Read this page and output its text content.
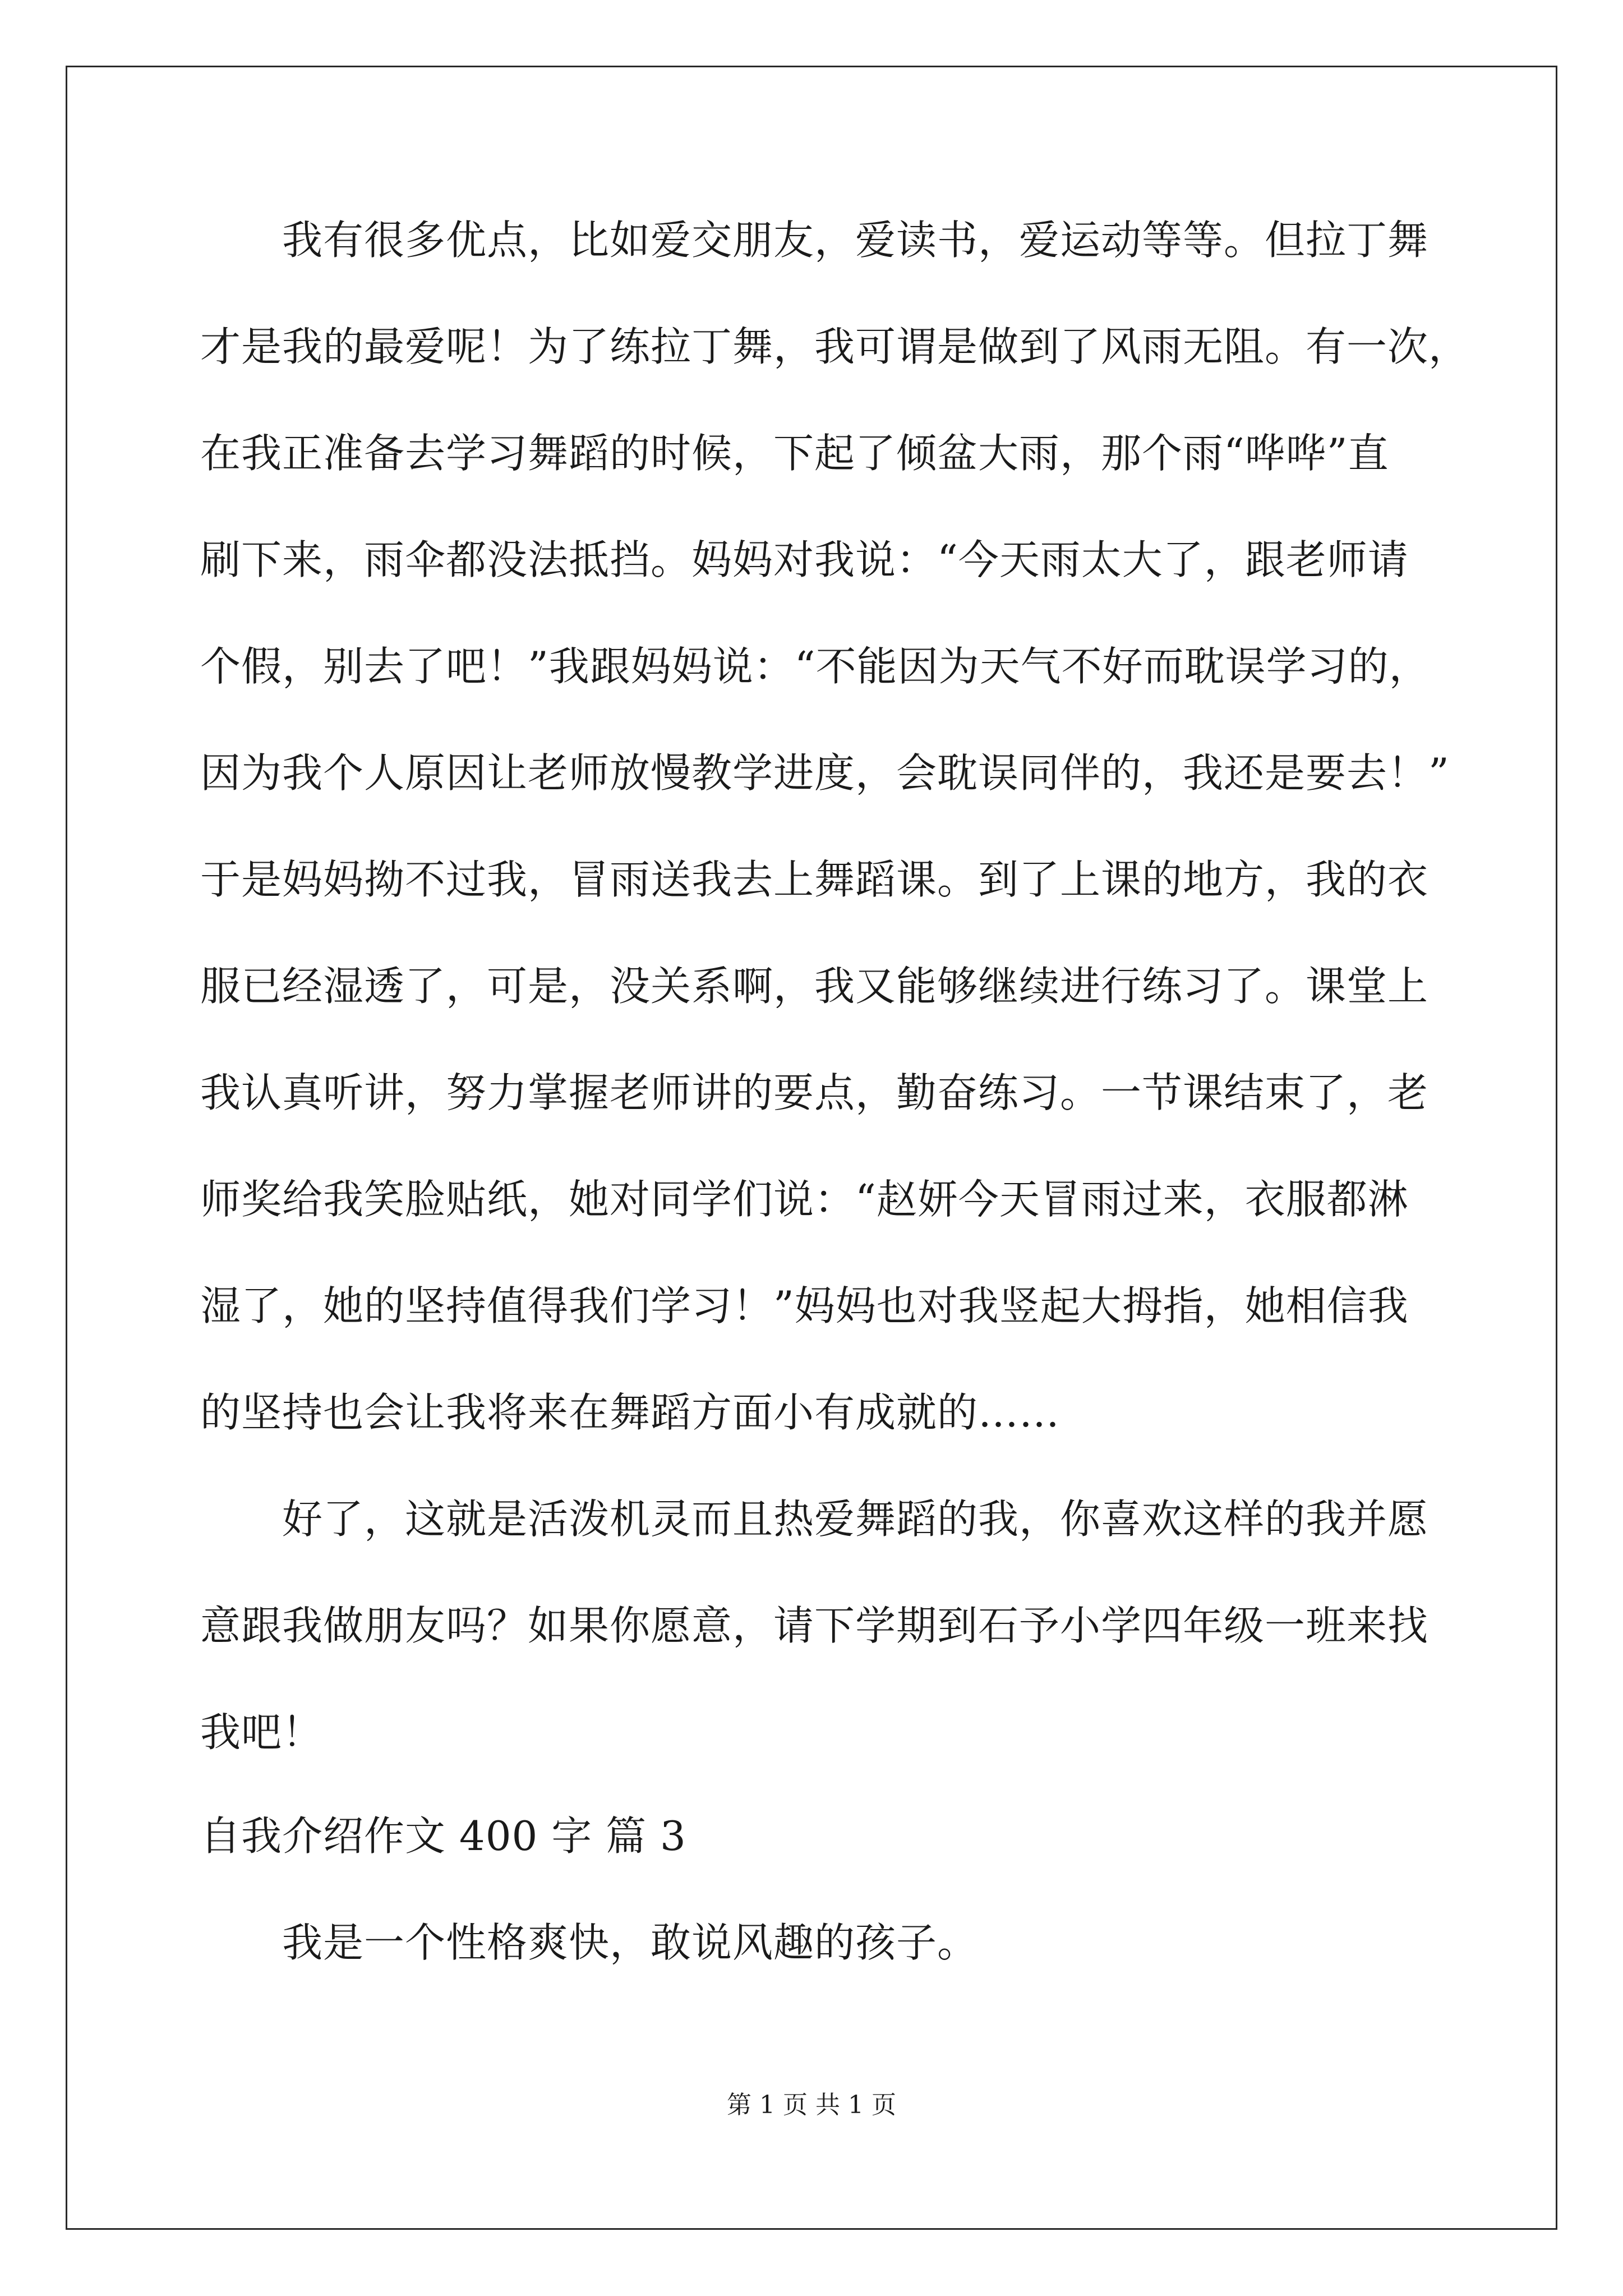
　　我有很多优点，比如爱交朋友，爱读书，爱运动等等。但拉丁舞
才是我的最爱呢！为了练拉丁舞，我可谓是做到了风雨无阻。有一次，
在我正准备去学习舞蹈的时候，下起了倾盆大雨，那个雨“哗哗”直
刷下来，雨伞都没法抵挡。妈妈对我说：“今天雨太大了，跟老师请
个假，别去了吧！”我跟妈妈说：“不能因为天气不好而耽误学习的，
因为我个人原因让老师放慢教学进度，会耽误同伴的，我还是要去！”
于是妈妈拗不过我，冒雨送我去上舞蹈课。到了上课的地方，我的衣
服已经湿透了，可是，没关系啊，我又能够继续进行练习了。课堂上
我认真听讲，努力掌握老师讲的要点，勤奋练习。一节课结束了，老
师奖给我笑脸贴纸，她对同学们说：“赵妍今天冒雨过来，衣服都淋
湿了，她的坚持值得我们学习！”妈妈也对我竖起大拇指，她相信我
的坚持也会让我将来在舞蹈方面小有成就的……
　　好了，这就是活泼机灵而且热爱舞蹈的我，你喜欢这样的我并愿
意跟我做朋友吗？如果你愿意，请下学期到石予小学四年级一班来找
我吧！
自我介绍作文 400 字 篇 3
　　我是一个性格爽快，敢说风趣的孩子。
第 1 页 共 1 页
